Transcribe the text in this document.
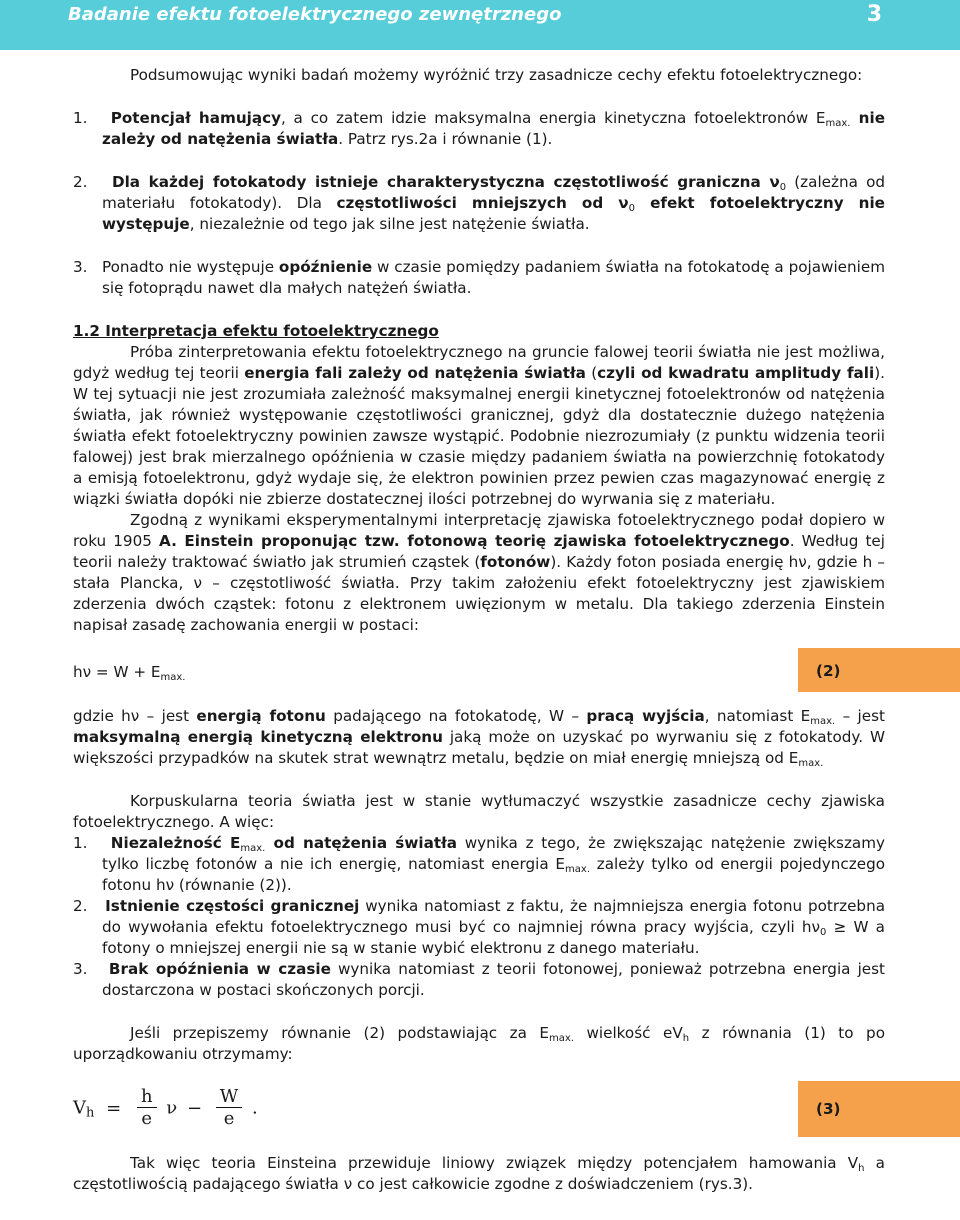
Badanie efektu fotoelektrycznego zewnętrznego	3

Podsumowując wyniki badań możemy wyróżnić trzy zasadnicze cechy efektu fotoelektrycznego:

1. Potencjał hamujący, a co zatem idzie maksymalna energia kinetyczna fotoelektronów $E_{max.}$ nie zależy od natężenia światła. Patrz rys.2a i równanie (1).

2. Dla każdej fotokatody istnieje charakterystyczna częstotliwość graniczna $\nu_0$ (zależna od materiału fotokatody). Dla częstotliwości mniejszych od $\nu_0$ efekt fotoelektryczny nie występuje, niezależnie od tego jak silne jest natężenie światła.

3. Ponadto nie występuje opóźnienie w czasie pomiędzy padaniem światła na fotokatodę a pojawieniem się fotoprądu nawet dla małych natężeń światła.

1.2 Interpretacja efektu fotoelektrycznego

Próba zinterpretowania efektu fotoelektrycznego na gruncie falowej teorii światła nie jest możliwa, gdyż według tej teorii energia fali zależy od natężenia światła (czyli od kwadratu amplitudy fali). W tej sytuacji nie jest zrozumiała zależność maksymalnej energii kinetycznej fotoelektronów od natężenia światła, jak również występowanie częstotliwości granicznej, gdyż dla dostatecznie dużego natężenia światła efekt fotoelektryczny powinien zawsze wystąpić. Podobnie niezrozumiały (z punktu widzenia teorii falowej) jest brak mierzalnego opóźnienia w czasie między padaniem światła na powierzchnię fotokatody a emisją fotoelektronu, gdyż wydaje się, że elektron powinien przez pewien czas magazynować energię z wiązki światła dopóki nie zbierze dostatecznej ilości potrzebnej do wyrwania się z materiału.

Zgodną z wynikami eksperymentalnymi interpretację zjawiska fotoelektrycznego podał dopiero w roku 1905 A. Einstein proponując tzw. fotonową teorię zjawiska fotoelektrycznego. Według tej teorii należy traktować światło jak strumień cząstek (fotonów). Każdy foton posiada energię hν, gdzie h – stała Plancka, ν – częstotliwość światła. Przy takim założeniu efekt fotoelektryczny jest zjawiskiem zderzenia dwóch cząstek: fotonu z elektronem uwięzionym w metalu. Dla takiego zderzenia Einstein napisał zasadę zachowania energii w postaci:

$h\nu = W + E_{max.}$	(2)

gdzie hν – jest energią fotonu padającego na fotokatodę, W – pracą wyjścia, natomiast $E_{max.}$ – jest maksymalną energią kinetyczną elektronu jaką może on uzyskać po wyrwaniu się z fotokatody. W większości przypadków na skutek strat wewnątrz metalu, będzie on miał energię mniejszą od $E_{max.}$

Korpuskularna teoria światła jest w stanie wytłumaczyć wszystkie zasadnicze cechy zjawiska fotoelektrycznego. A więc:

1. Niezależność $E_{max.}$ od natężenia światła wynika z tego, że zwiększając natężenie zwiększamy tylko liczbę fotonów a nie ich energię, natomiast energia $E_{max.}$ zależy tylko od energii pojedynczego fotonu hν (równanie (2)).

2. Istnienie częstości granicznej wynika natomiast z faktu, że najmniejsza energia fotonu potrzebna do wywołania efektu fotoelektrycznego musi być co najmniej równa pracy wyjścia, czyli $h\nu_0 \ge W$ a fotony o mniejszej energii nie są w stanie wybić elektronu z danego materiału.

3. Brak opóźnienia w czasie wynika natomiast z teorii fotonowej, ponieważ potrzebna energia jest dostarczona w postaci skończonych porcji.

Jeśli przepiszemy równanie (2) podstawiając za $E_{max.}$ wielkość $eV_h$ z równania (1) to po uporządkowaniu otrzymamy:

$V_h = \frac{h}{e}$ $\nu - \frac{W}{e}$ .	(3)

Tak więc teoria Einsteina przewiduje liniowy związek między potencjałem hamowania $V_h$ a częstotliwością padającego światła ν co jest całkowicie zgodne z doświadczeniem (rys.3).
